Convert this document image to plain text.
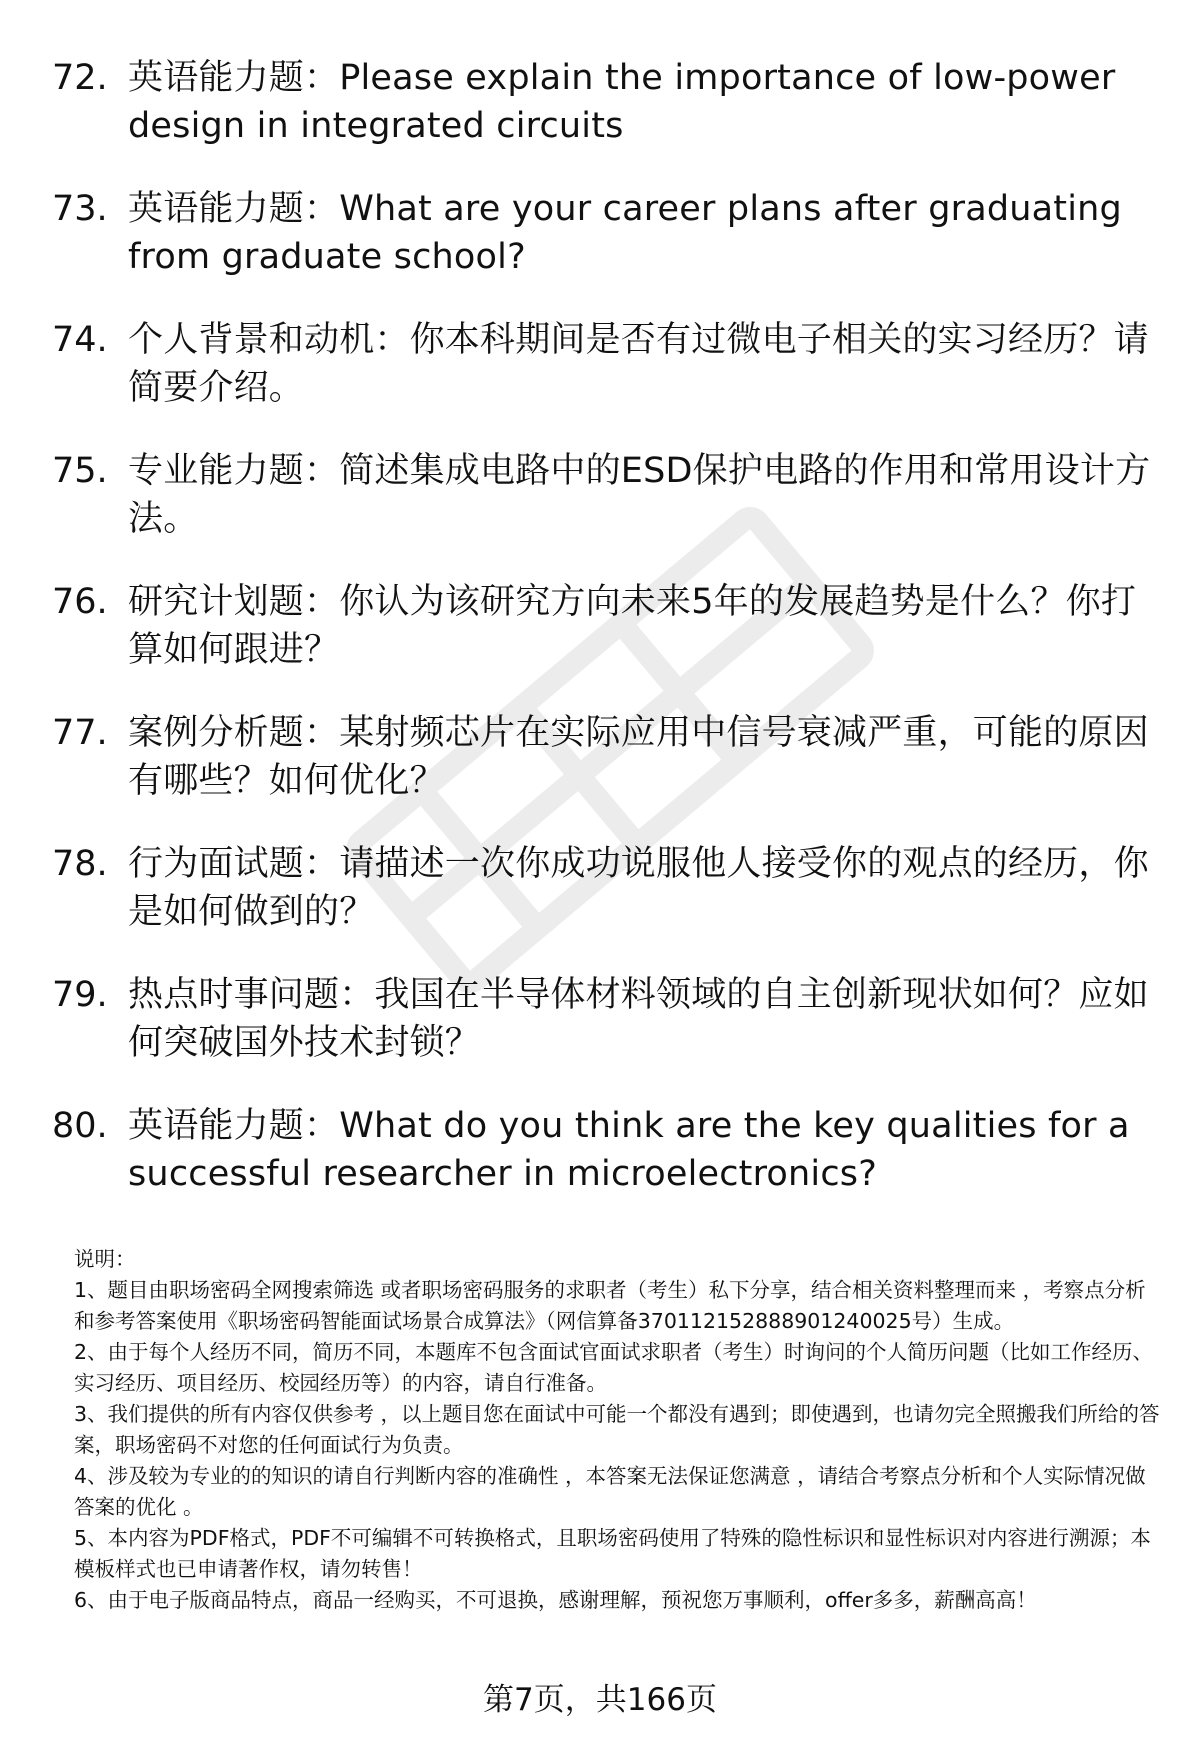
72. 英语能力题：Please explain the importance of low-power design in integrated circuits
73. 英语能力题：What are your career plans after graduating from graduate school?
74. 个人背景和动机：你本科期间是否有过微电子相关的实习经历？请简要介绍。
75. 专业能力题：简述集成电路中的ESD保护电路的作用和常用设计方法。
76. 研究计划题：你认为该研究方向未来5年的发展趋势是什么？你打算如何跟进？
77. 案例分析题：某射频芯片在实际应用中信号衰减严重，可能的原因有哪些？如何优化？
78. 行为面试题：请描述一次你成功说服他人接受你的观点的经历，你是如何做到的？
79. 热点时事问题：我国在半导体材料领域的自主创新现状如何？应如何突破国外技术封锁？
80. 英语能力题：What do you think are the key qualities for a successful researcher in microelectronics?
说明：
1、题目由职场密码全网搜索筛选 或者职场密码服务的求职者（考生）私下分享，结合相关资料整理而来 ，考察点分析和参考答案使用《职场密码智能面试场景合成算法》（网信算备370112152888901240025号）生成。
2、由于每个人经历不同，简历不同，本题库不包含面试官面试求职者（考生）时询问的个人简历问题（比如工作经历、实习经历、项目经历、校园经历等）的内容，请自行准备。
3、我们提供的所有内容仅供参考 ，以上题目您在面试中可能一个都没有遇到；即使遇到，也请勿完全照搬我们所给的答案，职场密码不对您的任何面试行为负责。
4、涉及较为专业的的知识的请自行判断内容的准确性 ，本答案无法保证您满意 ，请结合考察点分析和个人实际情况做答案的优化 。
5、本内容为PDF格式，PDF不可编辑不可转换格式，且职场密码使用了特殊的隐性标识和显性标识对内容进行溯源；本模板样式也已申请著作权，请勿转售！
6、由于电子版商品特点，商品一经购买，不可退换，感谢理解，预祝您万事顺利，offer多多，薪酬高高！
第7页，共166页
